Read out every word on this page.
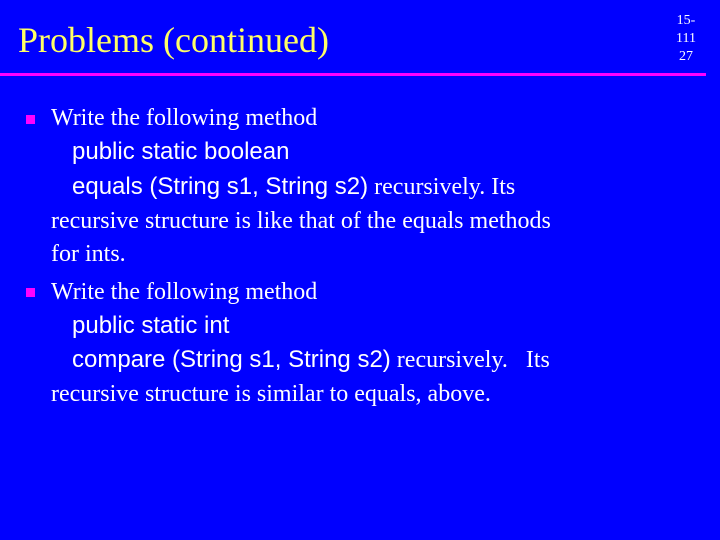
Problems (continued)	15-111
27
Write the following method
public static boolean
equals (String s1, String s2) recursively. Its
recursive structure is like that of the equals methods
for ints.
Write the following method
public static int
compare (String s1, String s2) recursively.   Its
recursive structure is similar to equals, above.
